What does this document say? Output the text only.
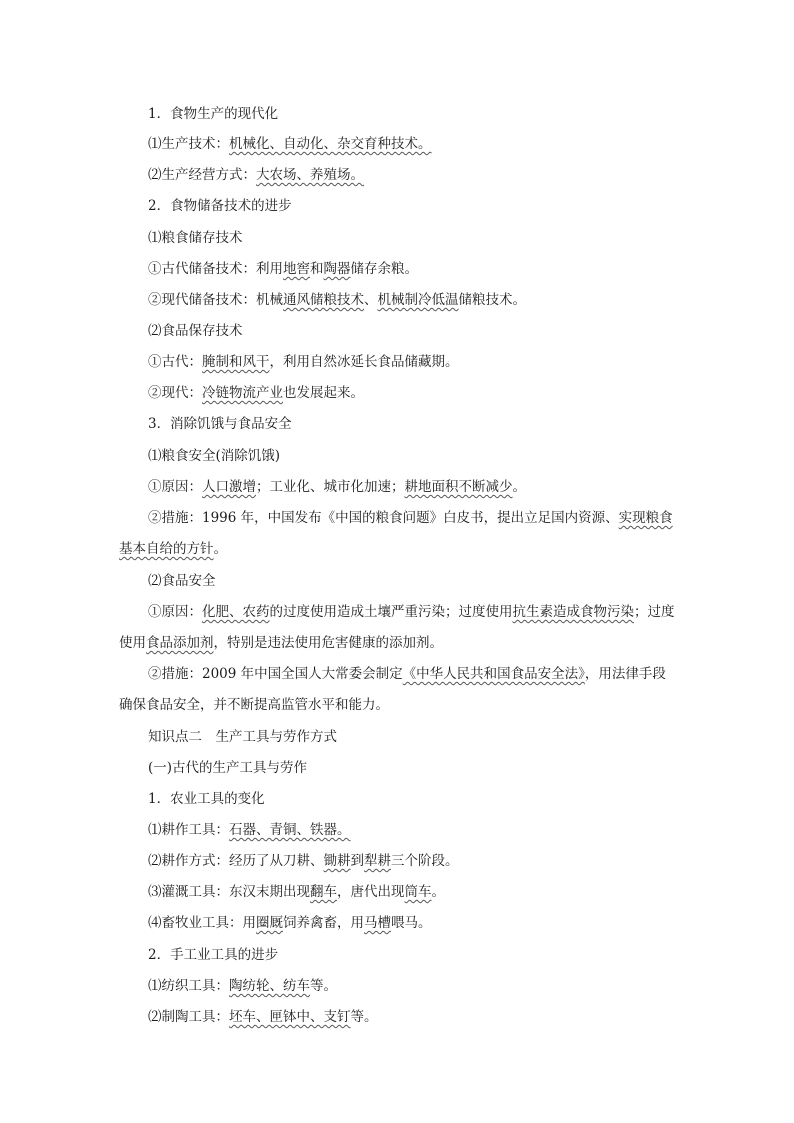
1．食物生产的现代化
⑴生产技术：机械化、自动化、杂交育种技术。
⑵生产经营方式：大农场、养殖场。
2．食物储备技术的进步
⑴粮食储存技术
①古代储备技术：利用地窖和陶器储存余粮。
②现代储备技术：机械通风储粮技术、机械制冷低温储粮技术。
⑵食品保存技术
①古代：腌制和风干，利用自然冰延长食品储藏期。
②现代：冷链物流产业也发展起来。
3．消除饥饿与食品安全
⑴粮食安全(消除饥饿)
①原因：人口激增；工业化、城市化加速；耕地面积不断减少。
②措施：1996 年，中国发布《中国的粮食问题》白皮书，提出立足国内资源、实现粮食基本自给的方针。
⑵食品安全
①原因：化肥、农药的过度使用造成土壤严重污染；过度使用抗生素造成食物污染；过度使用食品添加剂，特别是违法使用危害健康的添加剂。
②措施：2009 年中国全国人大常委会制定《中华人民共和国食品安全法》，用法律手段确保食品安全，并不断提高监管水平和能力。
知识点二　生产工具与劳作方式
(一)古代的生产工具与劳作
1．农业工具的变化
⑴耕作工具：石器、青铜、铁器。
⑵耕作方式：经历了从刀耕、锄耕到犁耕三个阶段。
⑶灌溉工具：东汉末期出现翻车，唐代出现筒车。
⑷畜牧业工具：用圈厩饲养禽畜，用马槽喂马。
2．手工业工具的进步
⑴纺织工具：陶纺轮、纺车等。
⑵制陶工具：坯车、匣钵中、支钉等。
